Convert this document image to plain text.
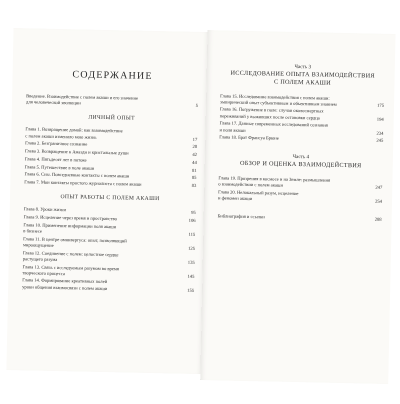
СОДЕРЖАНИЕ
Введение. Взаимодействие с полем акаши и его значение
для человеческой эволюции	5
ЛИЧНЫЙ ОПЫТ
Глава 1. Возвращение домой: как взаимодействие
с полем акаши изменило мою жизнь	17
Глава 2. Безграничное сознание	28
Глава 3. Возвращение к Амазди и кристальные души	42
Глава 4. Пятьдесят лет в потоке	44
Глава 5. Путешествие в поле акаши	81
Глава 6. Сны. Повседневные контакты с полем акаши	85
Глава 7. Мои контакты простого журналиста с полем акаши	83
ОПЫТ РАБОТЫ С ПОЛЕМ АКАШИ
Глава 8. Уроки жизни
95
Глава 9. Исцеление через время и пространство	106
Глава 10. Применение информации поля акаши
в бизнесе
115
Глава 11. В центре омнивергуса: опыт, позволяющий
мироощущение
125
Глава 12. Соединение с полем: целостное сердце
растущего разума
135
Глава 13. Связь с исследуемым разумом во время
творческого процесса
145
Глава 14. Формирование креативных полей
уроки общения взаимосвязи с полем акаши	155
Часть 3
ИССЛЕДОВАНИЕ ОПЫТА ВЗАИМОДЕЙСТВИЯ
С ПОЛЕМ АКАШИ
Глава 15. Исследование взаимодействия с полем акаши:
эмпирический опыт субъективным и объективным знанием	175
Глава 16. Погружение в поле: случаи околосмертных
переживаний у выживших после остановки сердца	194
Глава 17. Данные современных исследований сознания
и поля акаши
234
Глава 18. Брат Франсуа Брюне	245
Часть 4
ОБЗОР И ОЦЕНКА ВЗАИМОДЕЙСТВИЯ
Глава 19. Прозрения в космосе и на Земле: размышления
о взаимодействии с полем акаши	247
Глава 20. Нелокальный разум, исцеление
и феномен акаши
254
Библиография и ссылки	288
